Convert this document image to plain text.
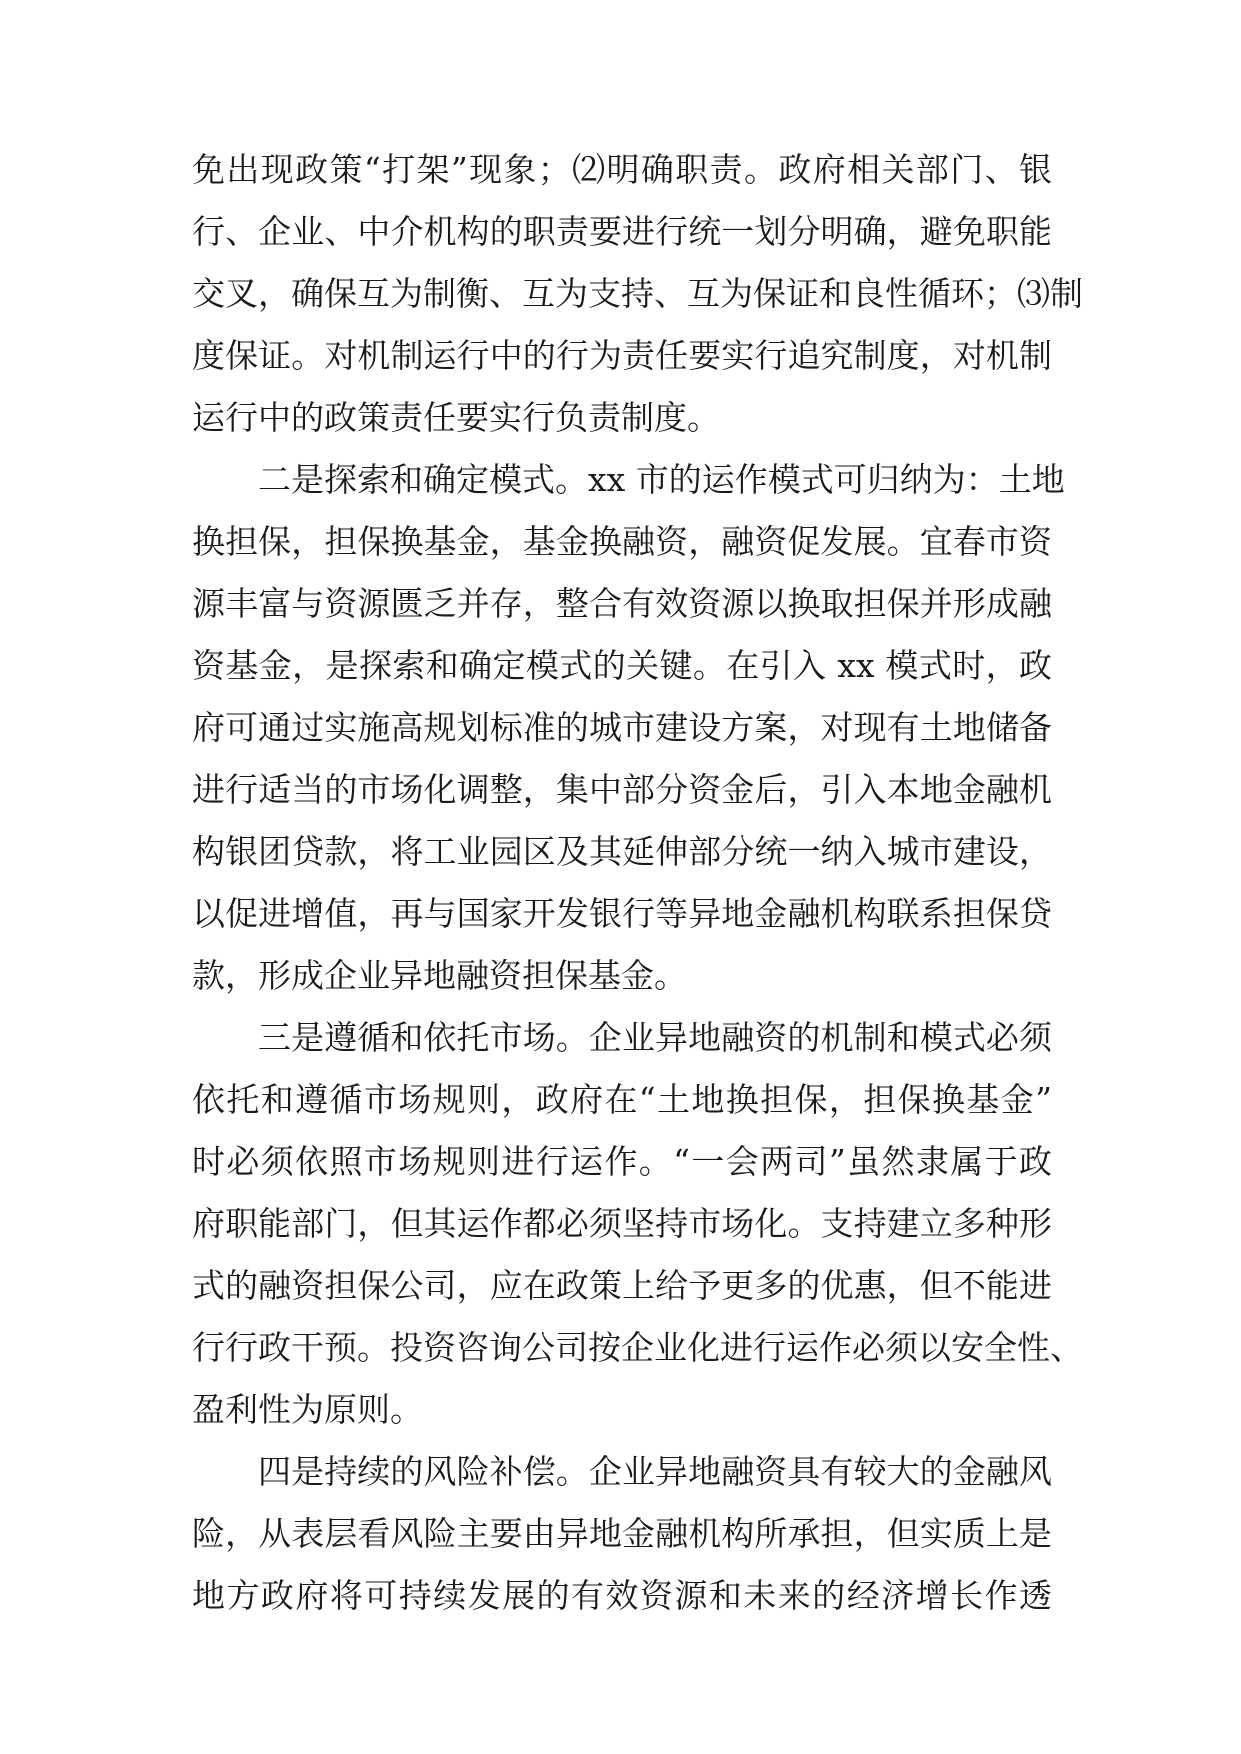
免出现政策“打架”现象；⑵明确职责。政府相关部门、银
行、企业、中介机构的职责要进行统一划分明确，避免职能
交叉，确保互为制衡、互为支持、互为保证和良性循环；⑶制
度保证。对机制运行中的行为责任要实行追究制度，对机制
运行中的政策责任要实行负责制度。
二是探索和确定模式。xx 市的运作模式可归纳为：土地
换担保，担保换基金，基金换融资，融资促发展。宜春市资
源丰富与资源匮乏并存，整合有效资源以换取担保并形成融
资基金，是探索和确定模式的关键。在引入 xx 模式时，政
府可通过实施高规划标准的城市建设方案，对现有土地储备
进行适当的市场化调整，集中部分资金后，引入本地金融机
构银团贷款，将工业园区及其延伸部分统一纳入城市建设，
以促进增值，再与国家开发银行等异地金融机构联系担保贷
款，形成企业异地融资担保基金。
三是遵循和依托市场。企业异地融资的机制和模式必须
依托和遵循市场规则，政府在“土地换担保，担保换基金”
时必须依照市场规则进行运作。“一会两司”虽然隶属于政
府职能部门，但其运作都必须坚持市场化。支持建立多种形
式的融资担保公司，应在政策上给予更多的优惠，但不能进
行行政干预。投资咨询公司按企业化进行运作必须以安全性、
盈利性为原则。
四是持续的风险补偿。企业异地融资具有较大的金融风
险，从表层看风险主要由异地金融机构所承担，但实质上是
地方政府将可持续发展的有效资源和未来的经济增长作透
